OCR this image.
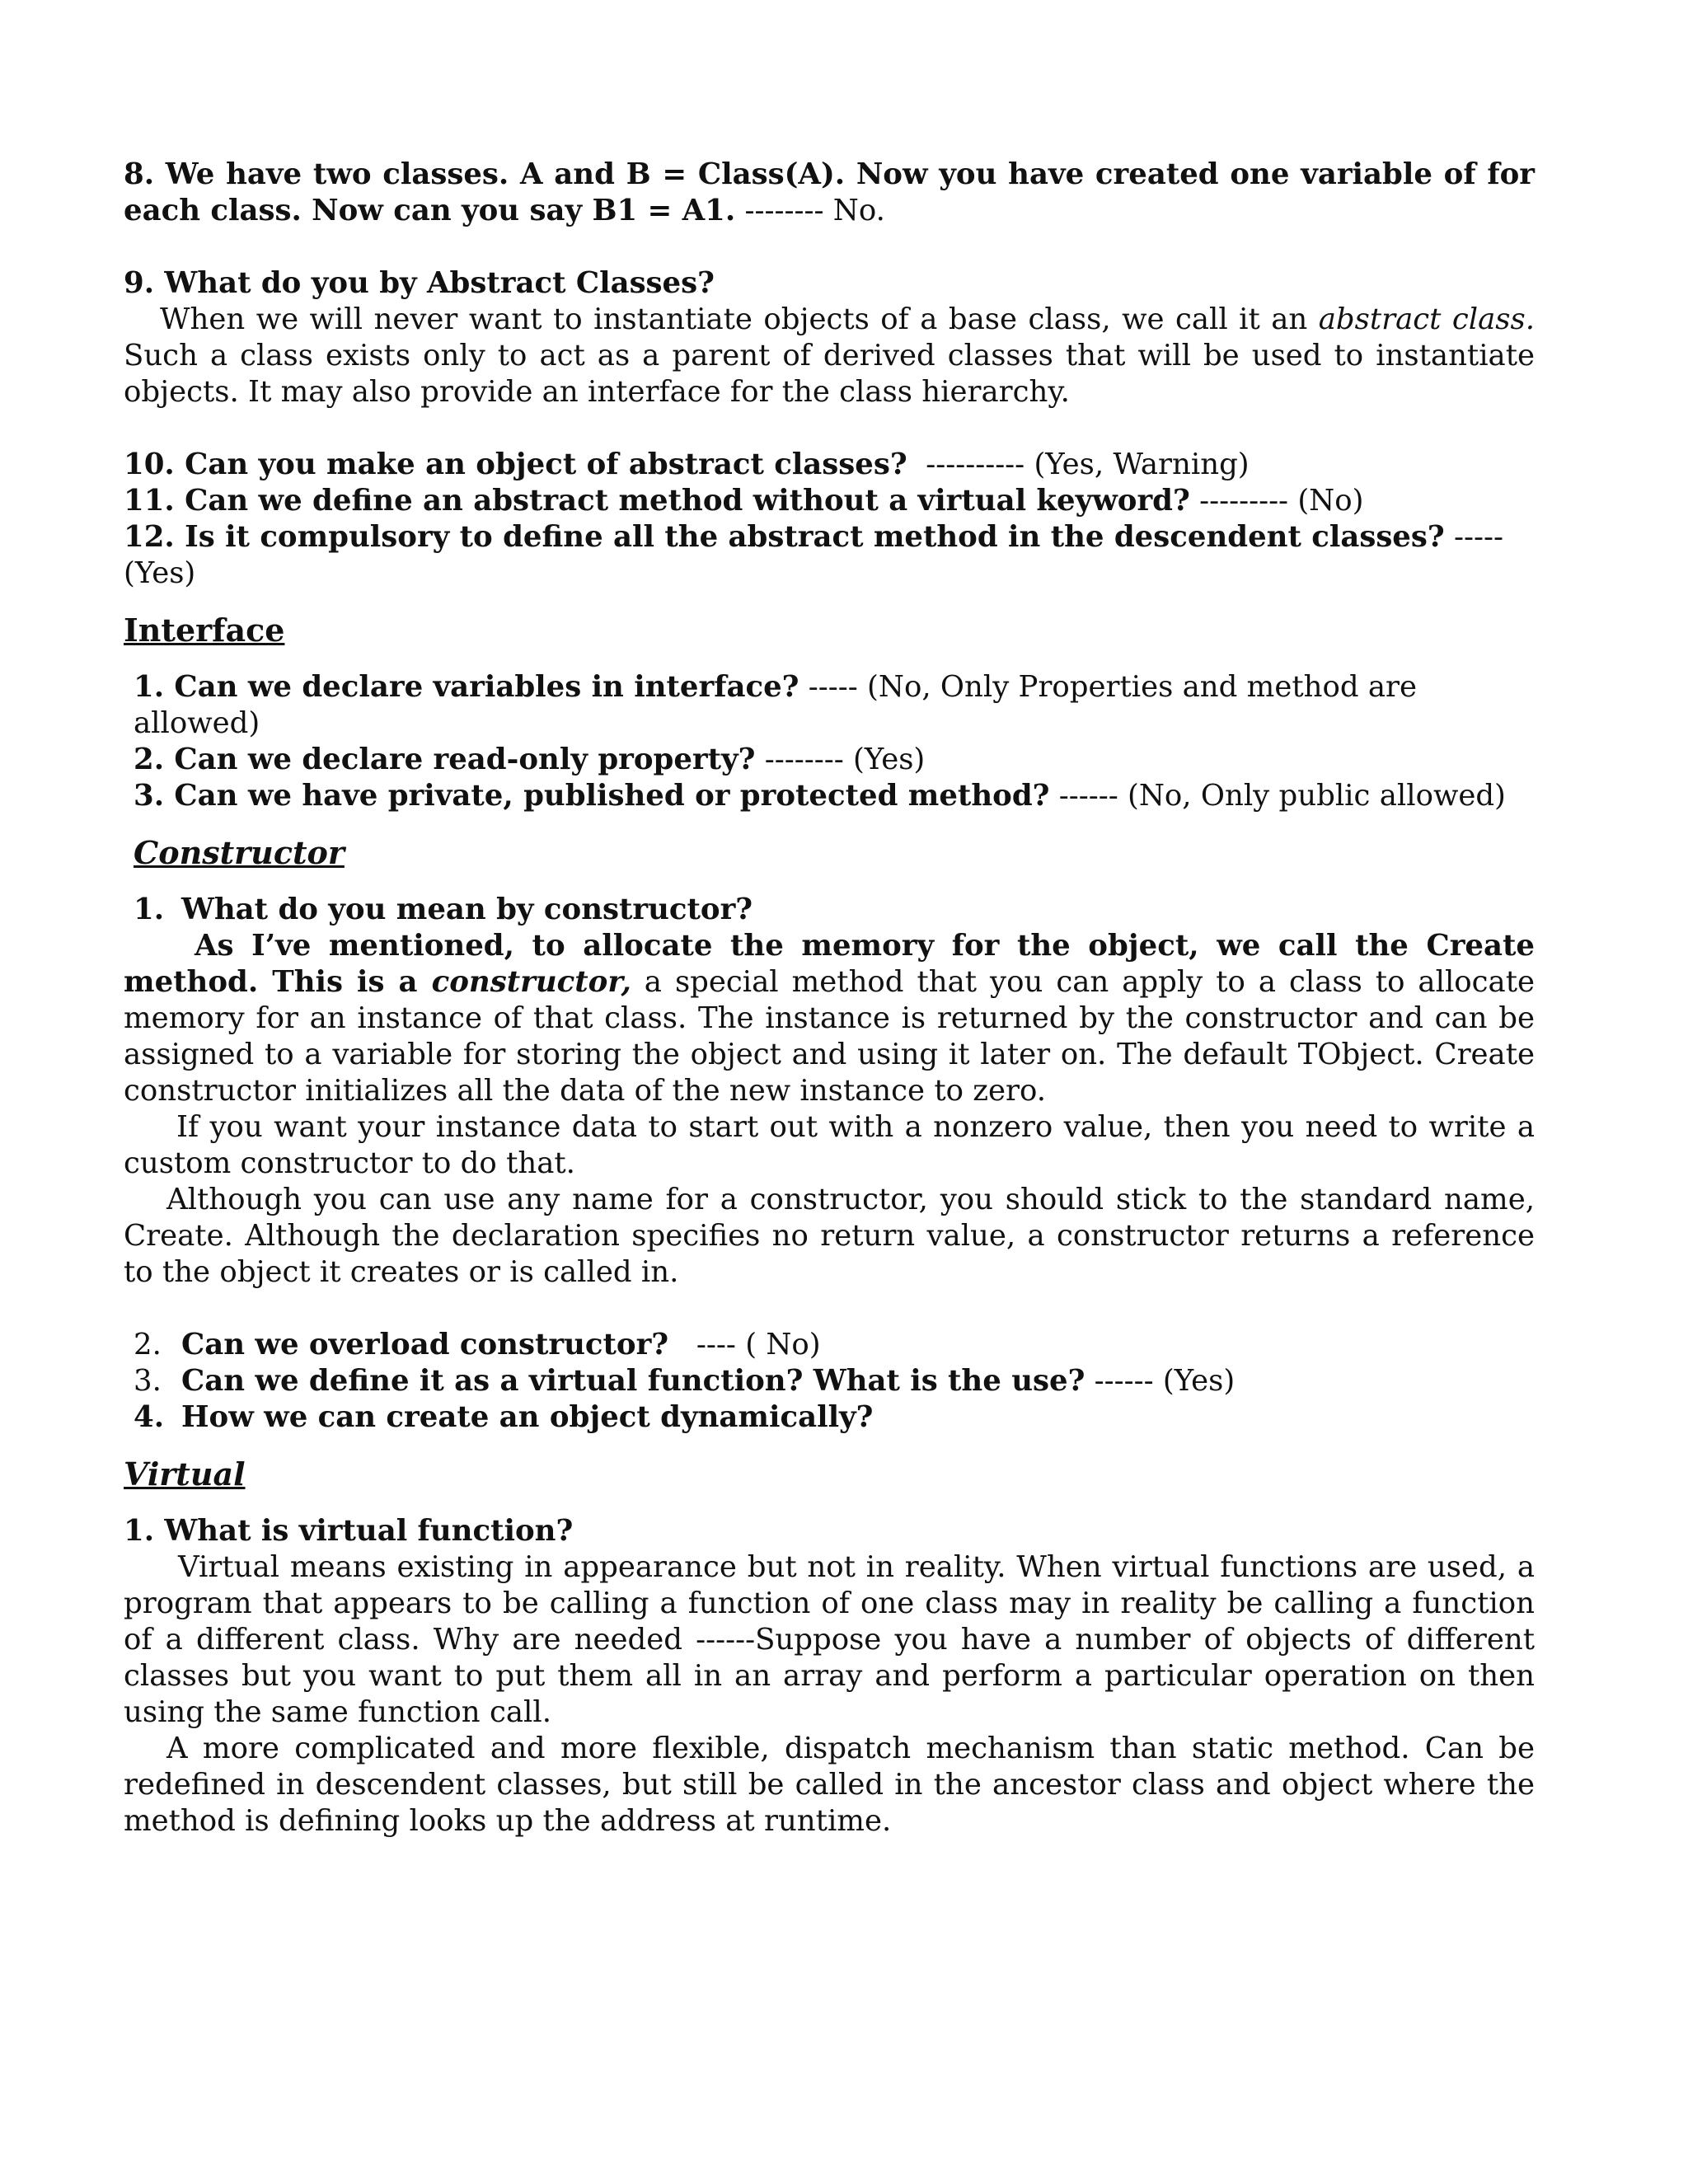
8. We have two classes. A and B = Class(A). Now you have created one variable of for each class. Now can you say B1 = A1. -------- No.

9. What do you by Abstract Classes?

When we will never want to instantiate objects of a base class, we call it an abstract class. Such a class exists only to act as a parent of derived classes that will be used to instantiate objects. It may also provide an interface for the class hierarchy.

10. Can you make an object of abstract classes?  ---------- (Yes, Warning)

11. Can we define an abstract method without a virtual keyword? --------- (No)

12. Is it compulsory to define all the abstract method in the descendent classes? ----- (Yes)

Interface

1. Can we declare variables in interface? ----- (No, Only Properties and method are allowed)

2. Can we declare read-only property? -------- (Yes)

3. Can we have private, published or protected method? ------ (No, Only public allowed)

Constructor

1. What do you mean by constructor?

As I’ve mentioned, to allocate the memory for the object, we call the Create method. This is a constructor, a special method that you can apply to a class to allocate memory for an instance of that class. The instance is returned by the constructor and can be assigned to a variable for storing the object and using it later on. The default TObject. Create constructor initializes all the data of the new instance to zero.

If you want your instance data to start out with a nonzero value, then you need to write a custom constructor to do that.

Although you can use any name for a constructor, you should stick to the standard name, Create. Although the declaration specifies no return value, a constructor returns a reference to the object it creates or is called in.

2. Can we overload constructor?   ---- ( No)

3. Can we define it as a virtual function? What is the use? ------ (Yes)

4. How we can create an object dynamically?

Virtual

1. What is virtual function?

Virtual means existing in appearance but not in reality. When virtual functions are used, a program that appears to be calling a function of one class may in reality be calling a function of a different class. Why are needed ------Suppose you have a number of objects of different classes but you want to put them all in an array and perform a particular operation on then using the same function call.

A more complicated and more flexible, dispatch mechanism than static method. Can be redefined in descendent classes, but still be called in the ancestor class and object where the method is defining looks up the address at runtime.
